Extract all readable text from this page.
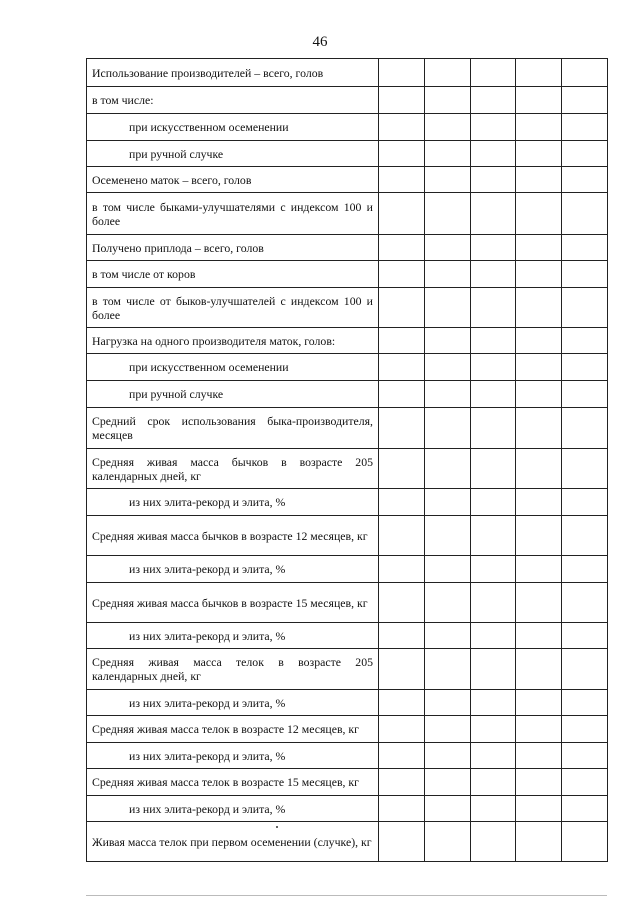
46
Использование производителей – всего, голов					
в том числе:					
при искусственном осеменении					
при ручной случке					
Осеменено маток – всего, голов					
в том числе быками-улучшателями с индексом 100 и более					
Получено приплода – всего, голов					
в том числе от коров					
в том числе от быков-улучшателей с индексом 100 и более					
Нагрузка на одного производителя маток, голов:					
при искусственном осеменении					
при ручной случке					
Средний срок использования быка-производителя, месяцев					
Средняя живая масса бычков в возрасте 205 календарных дней, кг					
из них элита-рекорд и элита, %					
Средняя живая масса бычков в возрасте 12 месяцев, кг					
из них элита-рекорд и элита, %					
Средняя живая масса бычков в возрасте 15 месяцев, кг					
из них элита-рекорд и элита, %					
Средняя живая масса телок в возрасте 205 календарных дней, кг					
из них элита-рекорд и элита, %					
Средняя живая масса телок в возрасте 12 месяцев, кг					
из них элита-рекорд и элита, %					
Средняя живая масса телок в возрасте 15 месяцев, кг					
из них элита-рекорд и элита, %					
Живая масса телок при первом осеменении (случке), кг					
